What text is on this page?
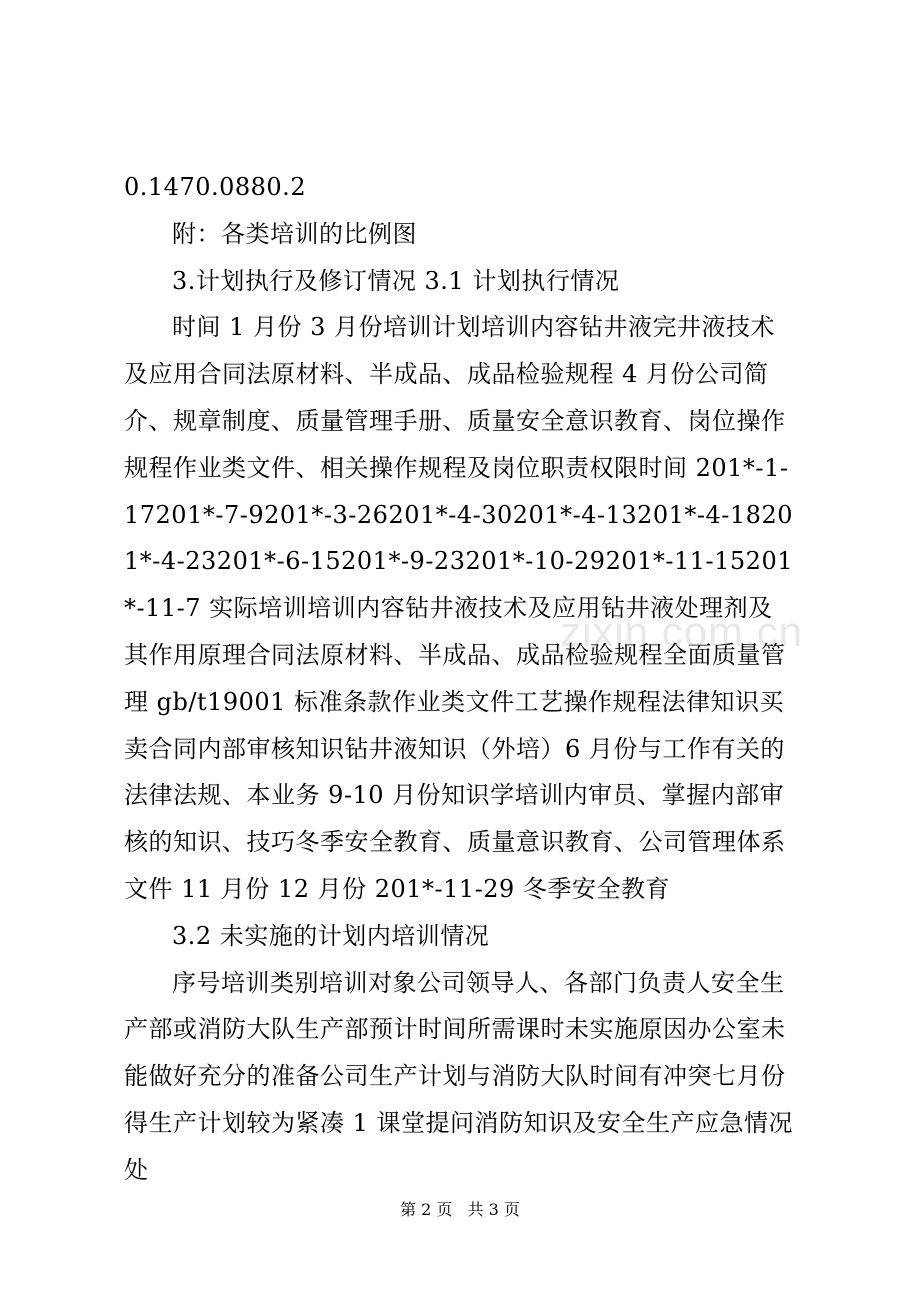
0.1470.0880.2

附：各类培训的比例图

3.计划执行及修订情况 3.1 计划执行情况

时间 1 月份 3 月份培训计划培训内容钻井液完井液技术及应用合同法原材料、半成品、成品检验规程 4 月份公司简介、规章制度、质量管理手册、质量安全意识教育、岗位操作规程作业类文件、相关操作规程及岗位职责权限时间 201*-1-17201*-7-9201*-3-26201*-4-30201*-4-13201*-4-18201*-4-23201*-6-15201*-9-23201*-10-29201*-11-15201*-11-7 实际培训培训内容钻井液技术及应用钻井液处理剂及其作用原理合同法原材料、半成品、成品检验规程全面质量管理 gb/t19001 标准条款作业类文件工艺操作规程法律知识买卖合同内部审核知识钻井液知识（外培）6 月份与工作有关的法律法规、本业务 9-10 月份知识学培训内审员、掌握内部审核的知识、技巧冬季安全教育、质量意识教育、公司管理体系文件 11 月份 12 月份 201*-11-29 冬季安全教育

3.2 未实施的计划内培训情况

序号培训类别培训对象公司领导人、各部门负责人安全生产部或消防大队生产部预计时间所需课时未实施原因办公室未能做好充分的准备公司生产计划与消防大队时间有冲突七月份得生产计划较为紧凑 1 课堂提问消防知识及安全生产应急情况处

zixin.com.cn
第 2 页 共 3 页
